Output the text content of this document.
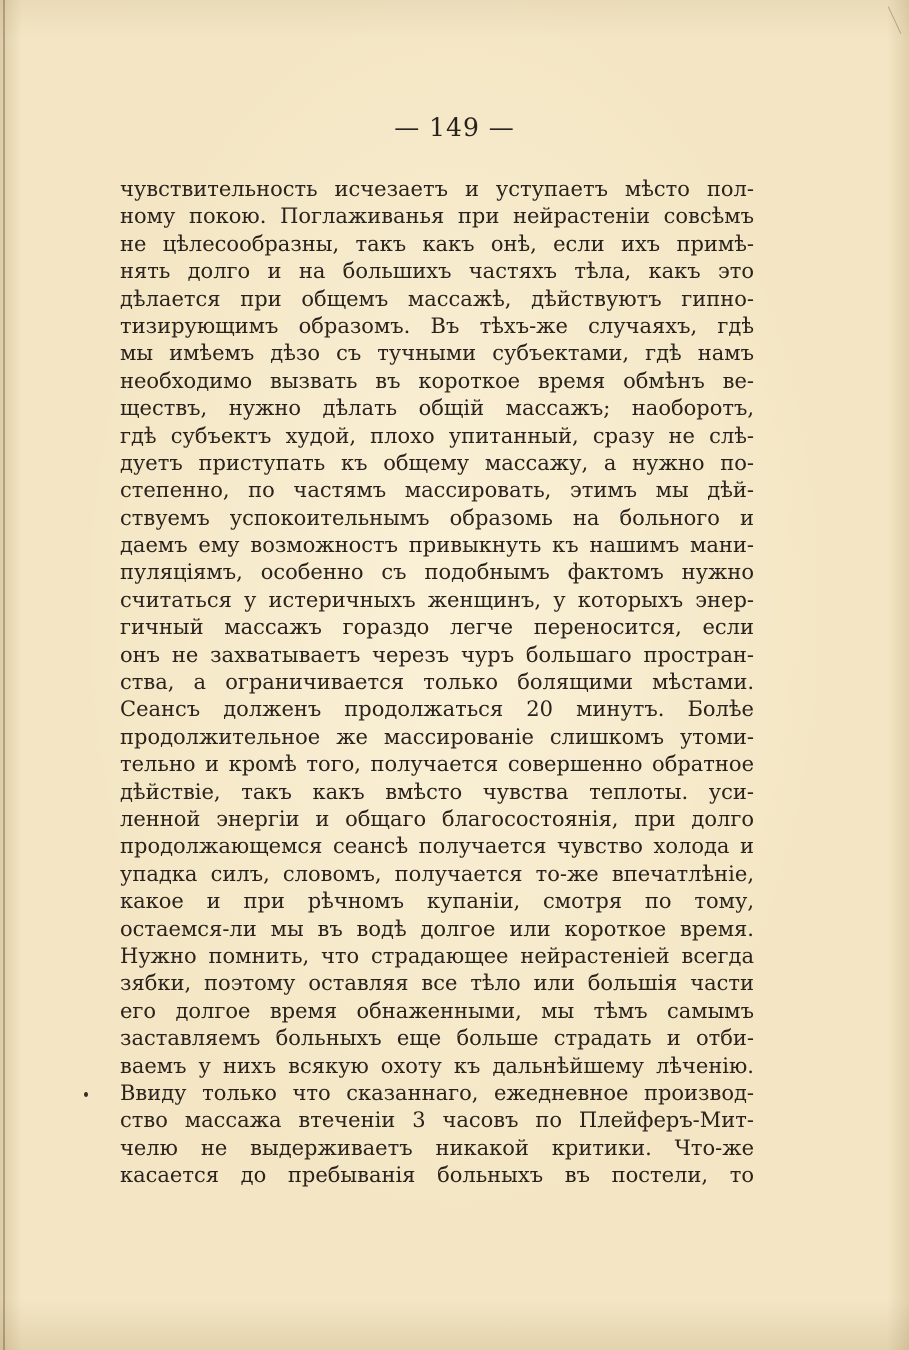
— 149 —
чувствительность исчезаетъ и уступаетъ мѣсто пол-
ному покою. Поглаживанья при нейрастеніи совсѣмъ
не цѣлесообразны, такъ какъ онѣ, если ихъ примѣ-
нять долго и на большихъ частяхъ тѣла, какъ это
дѣлается при общемъ массажѣ, дѣйствуютъ гипно-
тизирующимъ образомъ. Въ тѣхъ-же случаяхъ, гдѣ
мы имѣемъ дѣзо съ тучными субъектами, гдѣ намъ
необходимо вызвать въ короткое время обмѣнъ ве-
ществъ, нужно дѣлать общій массажъ; наоборотъ,
гдѣ субъектъ худой, плохо упитанный, сразу не слѣ-
дуетъ приступать къ общему массажу, а нужно по-
степенно, по частямъ массировать, этимъ мы дѣй-
ствуемъ успокоительнымъ образомь на больного и
даемъ ему возможностъ привыкнуть къ нашимъ мани-
пуляціямъ, особенно съ подобнымъ фактомъ нужно
считаться у истеричныхъ женщинъ, у которыхъ энер-
гичный массажъ гораздо легче переносится, если
онъ не захватываетъ черезъ чуръ большаго простран-
ства, а ограничивается только болящими мѣстами.
Сеансъ долженъ продолжаться 20 минутъ. Болѣе
продолжительное же массированіе слишкомъ утоми-
тельно и кромѣ того, получается совершенно обратное
дѣйствіе, такъ какъ вмѣсто чувства теплоты. уси-
ленной энергіи и общаго благосостоянія, при долго
продолжающемся сеансѣ получается чувство холода и
упадка силъ, словомъ, получается то-же впечатлѣніе,
какое и при рѣчномъ купаніи, смотря по тому,
остаемся-ли мы въ водѣ долгое или короткое время.
Нужно помнить, что страдающее нейрастеніей всегда
зябки, поэтому оставляя все тѣло или большія части
его долгое время обнаженными, мы тѣмъ самымъ
заставляемъ больныхъ еще больше страдать и отби-
ваемъ у нихъ всякую охоту къ дальнѣйшему лѣченію.
Ввиду только что сказаннаго, ежедневное производ-
ство массажа втеченіи 3 часовъ по Плейферъ-Мит-
челю не выдерживаетъ никакой критики. Что-же
касается до пребыванія больныхъ въ постели, то
